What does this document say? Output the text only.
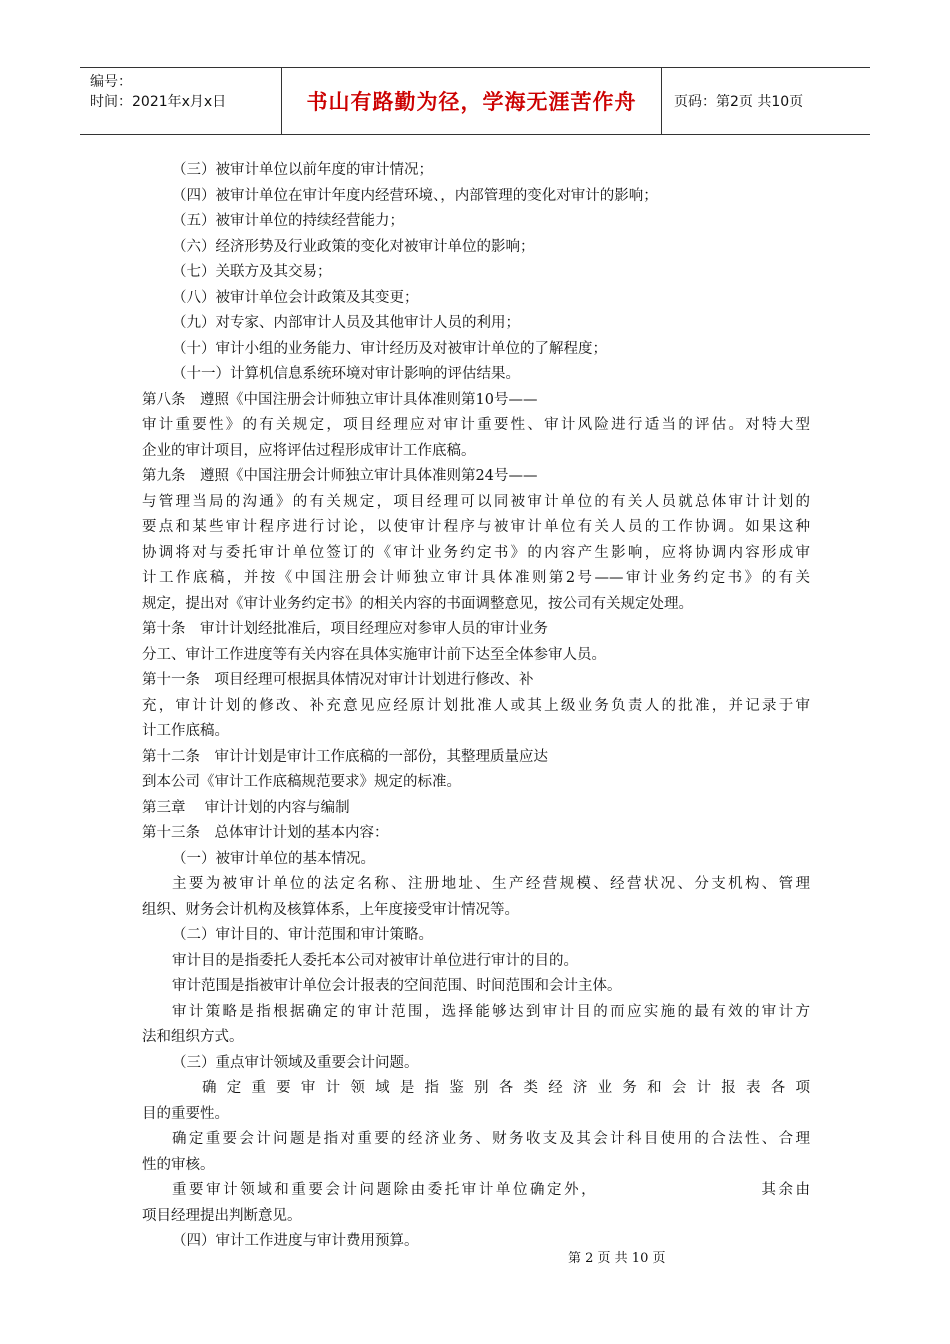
编号：
时间：2021年x月x日	书山有路勤为径，学海无涯苦作舟	页码：第2页 共10页

（三）被审计单位以前年度的审计情况；

（四）被审计单位在审计年度内经营环境、，内部管理的变化对审计的影响；

（五）被审计单位的持续经营能力；

（六）经济形势及行业政策的变化对被审计单位的影响；

（七）关联方及其交易；

（八）被审计单位会计政策及其变更；

（九）对专家、内部审计人员及其他审计人员的利用；

（十）审计小组的业务能力、审计经历及对被审计单位的了解程度；

（十一）计算机信息系统环境对审计影响的评估结果。

第八条　遵照《中国注册会计师独立审计具体准则第10号——

审计重要性》的有关规定，项目经理应对审计重要性、审计风险进行适当的评估。对特大型

企业的审计项目，应将评估过程形成审计工作底稿。

第九条　遵照《中国注册会计师独立审计具体准则第24号——

与管理当局的沟通》的有关规定，项目经理可以同被审计单位的有关人员就总体审计计划的

要点和某些审计程序进行讨论，以使审计程序与被审计单位有关人员的工作协调。如果这种

协调将对与委托审计单位签订的《审计业务约定书》的内容产生影响，应将协调内容形成审

计工作底稿，并按《中国注册会计师独立审计具体准则第2号——审计业务约定书》的有关

规定，提出对《审计业务约定书》的相关内容的书面调整意见，按公司有关规定处理。

第十条　审计计划经批准后，项目经理应对参审人员的审计业务

分工、审计工作进度等有关内容在具体实施审计前下达至全体参审人员。

第十一条　项目经理可根据具体情况对审计计划进行修改、补

充，审计计划的修改、补充意见应经原计划批准人或其上级业务负责人的批准，并记录于审

计工作底稿。

第十二条　审计计划是审计工作底稿的一部份，其整理质量应达

到本公司《审计工作底稿规范要求》规定的标准。

第三章　 审计计划的内容与编制

第十三条　总体审计计划的基本内容：

（一）被审计单位的基本情况。

主要为被审计单位的法定名称、注册地址、生产经营规模、经营状况、分支机构、管理

组织、财务会计机构及核算体系，上年度接受审计情况等。

（二）审计目的、审计范围和审计策略。

审计目的是指委托人委托本公司对被审计单位进行审计的目的。

审计范围是指被审计单位会计报表的空间范围、时间范围和会计主体。

审计策略是指根据确定的审计范围，选择能够达到审计目的而应实施的最有效的审计方

法和组织方式。

（三）重点审计领域及重要会计问题。

确定重要审计领域是指鉴别各类经济业务和会计报表各项

目的重要性。

确定重要会计问题是指对重要的经济业务、财务收支及其会计科目使用的合法性、合理

性的审核。

重要审计领域和重要会计问题除由委托审计单位确定外，　　　　　　　　　　其余由

项目经理提出判断意见。

（四）审计工作进度与审计费用预算。

第 2 页 共 10 页
